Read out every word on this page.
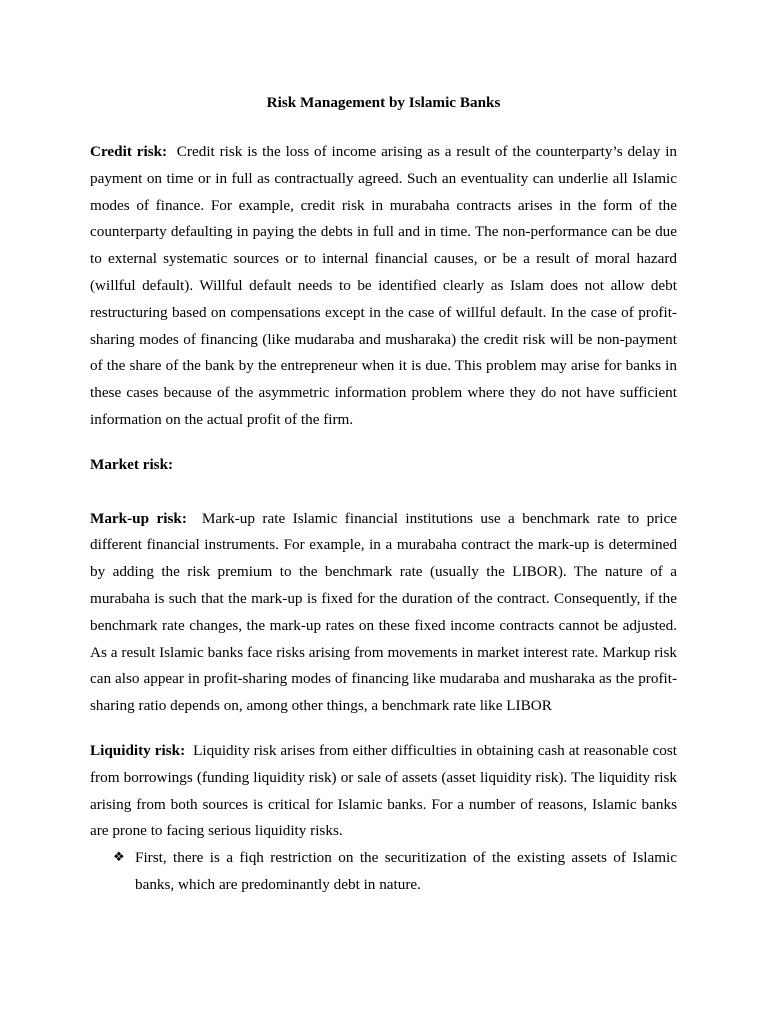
Risk Management by Islamic Banks

Credit risk: Credit risk is the loss of income arising as a result of the counterparty’s delay in payment on time or in full as contractually agreed. Such an eventuality can underlie all Islamic modes of finance. For example, credit risk in murabaha contracts arises in the form of the counterparty defaulting in paying the debts in full and in time. The non-performance can be due to external systematic sources or to internal financial causes, or be a result of moral hazard (willful default). Willful default needs to be identified clearly as Islam does not allow debt restructuring based on compensations except in the case of willful default. In the case of profit-sharing modes of financing (like mudaraba and musharaka) the credit risk will be non-payment of the share of the bank by the entrepreneur when it is due. This problem may arise for banks in these cases because of the asymmetric information problem where they do not have sufficient information on the actual profit of the firm.

Market risk:

Mark-up risk: Mark-up rate Islamic financial institutions use a benchmark rate to price different financial instruments. For example, in a murabaha contract the mark-up is determined by adding the risk premium to the benchmark rate (usually the LIBOR). The nature of a murabaha is such that the mark-up is fixed for the duration of the contract. Consequently, if the benchmark rate changes, the mark-up rates on these fixed income contracts cannot be adjusted. As a result Islamic banks face risks arising from movements in market interest rate. Markup risk can also appear in profit-sharing modes of financing like mudaraba and musharaka as the profit-sharing ratio depends on, among other things, a benchmark rate like LIBOR

Liquidity risk: Liquidity risk arises from either difficulties in obtaining cash at reasonable cost from borrowings (funding liquidity risk) or sale of assets (asset liquidity risk). The liquidity risk arising from both sources is critical for Islamic banks. For a number of reasons, Islamic banks are prone to facing serious liquidity risks.

❖ First, there is a fiqh restriction on the securitization of the existing assets of Islamic banks, which are predominantly debt in nature.
